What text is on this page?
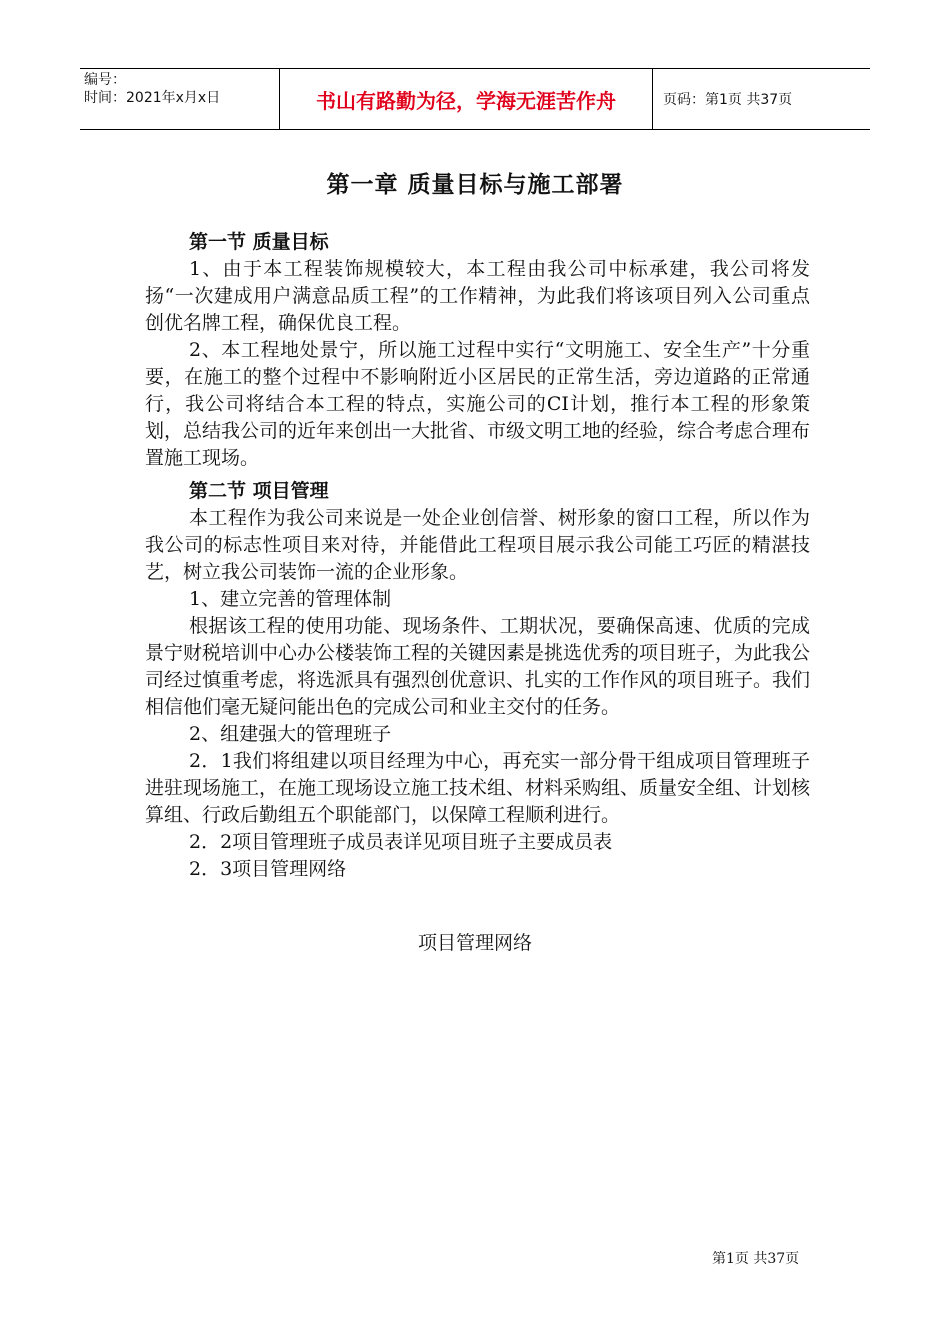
编号：
时间：2021年x月x日	书山有路勤为径，学海无涯苦作舟	页码：第1页 共37页
第一章 质量目标与施工部署
第一节 质量目标

1、由于本工程装饰规模较大，本工程由我公司中标承建，我公司将发扬“一次建成用户满意品质工程”的工作精神，为此我们将该项目列入公司重点创优名牌工程，确保优良工程。

2、本工程地处景宁，所以施工过程中实行“文明施工、安全生产”十分重要，在施工的整个过程中不影响附近小区居民的正常生活，旁边道路的正常通行，我公司将结合本工程的特点，实施公司的CI计划，推行本工程的形象策划，总结我公司的近年来创出一大批省、市级文明工地的经验，综合考虑合理布置施工现场。

第二节 项目管理

本工程作为我公司来说是一处企业创信誉、树形象的窗口工程，所以作为我公司的标志性项目来对待，并能借此工程项目展示我公司能工巧匠的精湛技艺，树立我公司装饰一流的企业形象。

1、建立完善的管理体制

根据该工程的使用功能、现场条件、工期状况，要确保高速、优质的完成景宁财税培训中心办公楼装饰工程的关键因素是挑选优秀的项目班子，为此我公司经过慎重考虑，将选派具有强烈创优意识、扎实的工作作风的项目班子。我们相信他们毫无疑问能出色的完成公司和业主交付的任务。

2、组建强大的管理班子

2．1我们将组建以项目经理为中心，再充实一部分骨干组成项目管理班子进驻现场施工，在施工现场设立施工技术组、材料采购组、质量安全组、计划核算组、行政后勤组五个职能部门，以保障工程顺利进行。

2．2项目管理班子成员表详见项目班子主要成员表

2．3项目管理网络

项目管理网络
第1页 共37页
